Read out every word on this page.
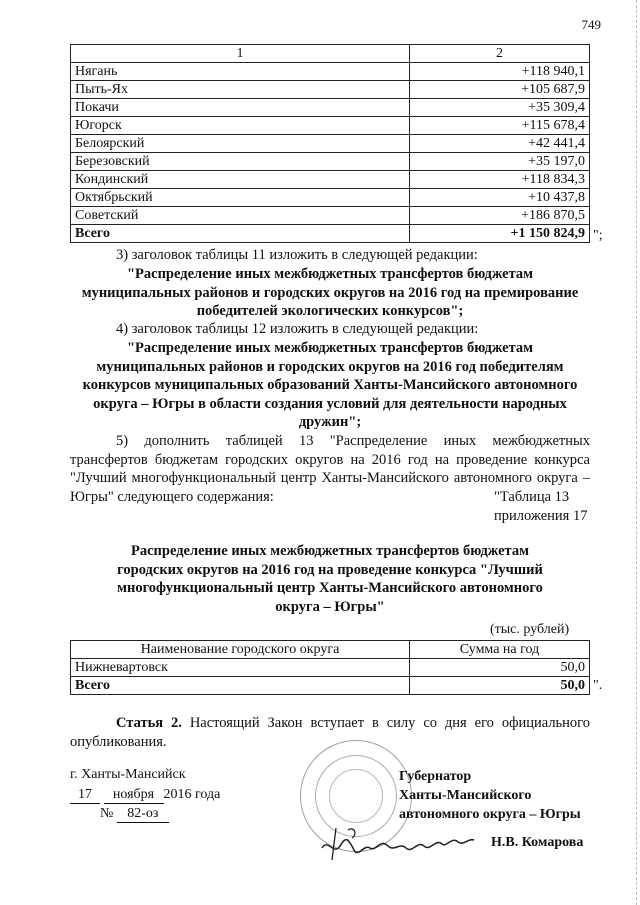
749
1	2
Нягань	+118 940,1
Пыть-Ях	+105 687,9
Покачи	+35 309,4
Югорск	+115 678,4
Белоярский	+42 441,4
Березовский	+35 197,0
Кондинский	+118 834,3
Октябрьский	+10 437,8
Советский	+186 870,5
Всего	+1 150 824,9 ";
3) заголовок таблицы 11 изложить в следующей редакции:
"Распределение иных межбюджетных трансфертов бюджетам муниципальных районов и городских округов на 2016 год на премирование победителей экологических конкурсов";
4) заголовок таблицы 12 изложить в следующей редакции:
"Распределение иных межбюджетных трансфертов бюджетам муниципальных районов и городских округов на 2016 год победителям конкурсов муниципальных образований Ханты-Мансийского автономного округа – Югры в области создания условий для деятельности народных дружин";
5) дополнить таблицей 13 "Распределение иных межбюджетных трансфертов бюджетам городских округов на 2016 год на проведение конкурса "Лучший многофункциональный центр Ханты-Мансийского автономного округа – Югры" следующего содержания:	"Таблица 13
приложения 17
Распределение иных межбюджетных трансфертов бюджетам городских округов на 2016 год на проведение конкурса "Лучший многофункциональный центр Ханты-Мансийского автономного округа – Югры"
(тыс. рублей)
Наименование городского округа	Сумма на год
Нижневартовск	50,0
Всего	50,0 ".
Статья 2. Настоящий Закон вступает в силу со дня его официального опубликования.
г. Ханты-Мансийск
17 ноября 2016 года
№ 82-оз
Губернатор
Ханты-Мансийского
автономного округа – Югры
Н.В. Комарова
